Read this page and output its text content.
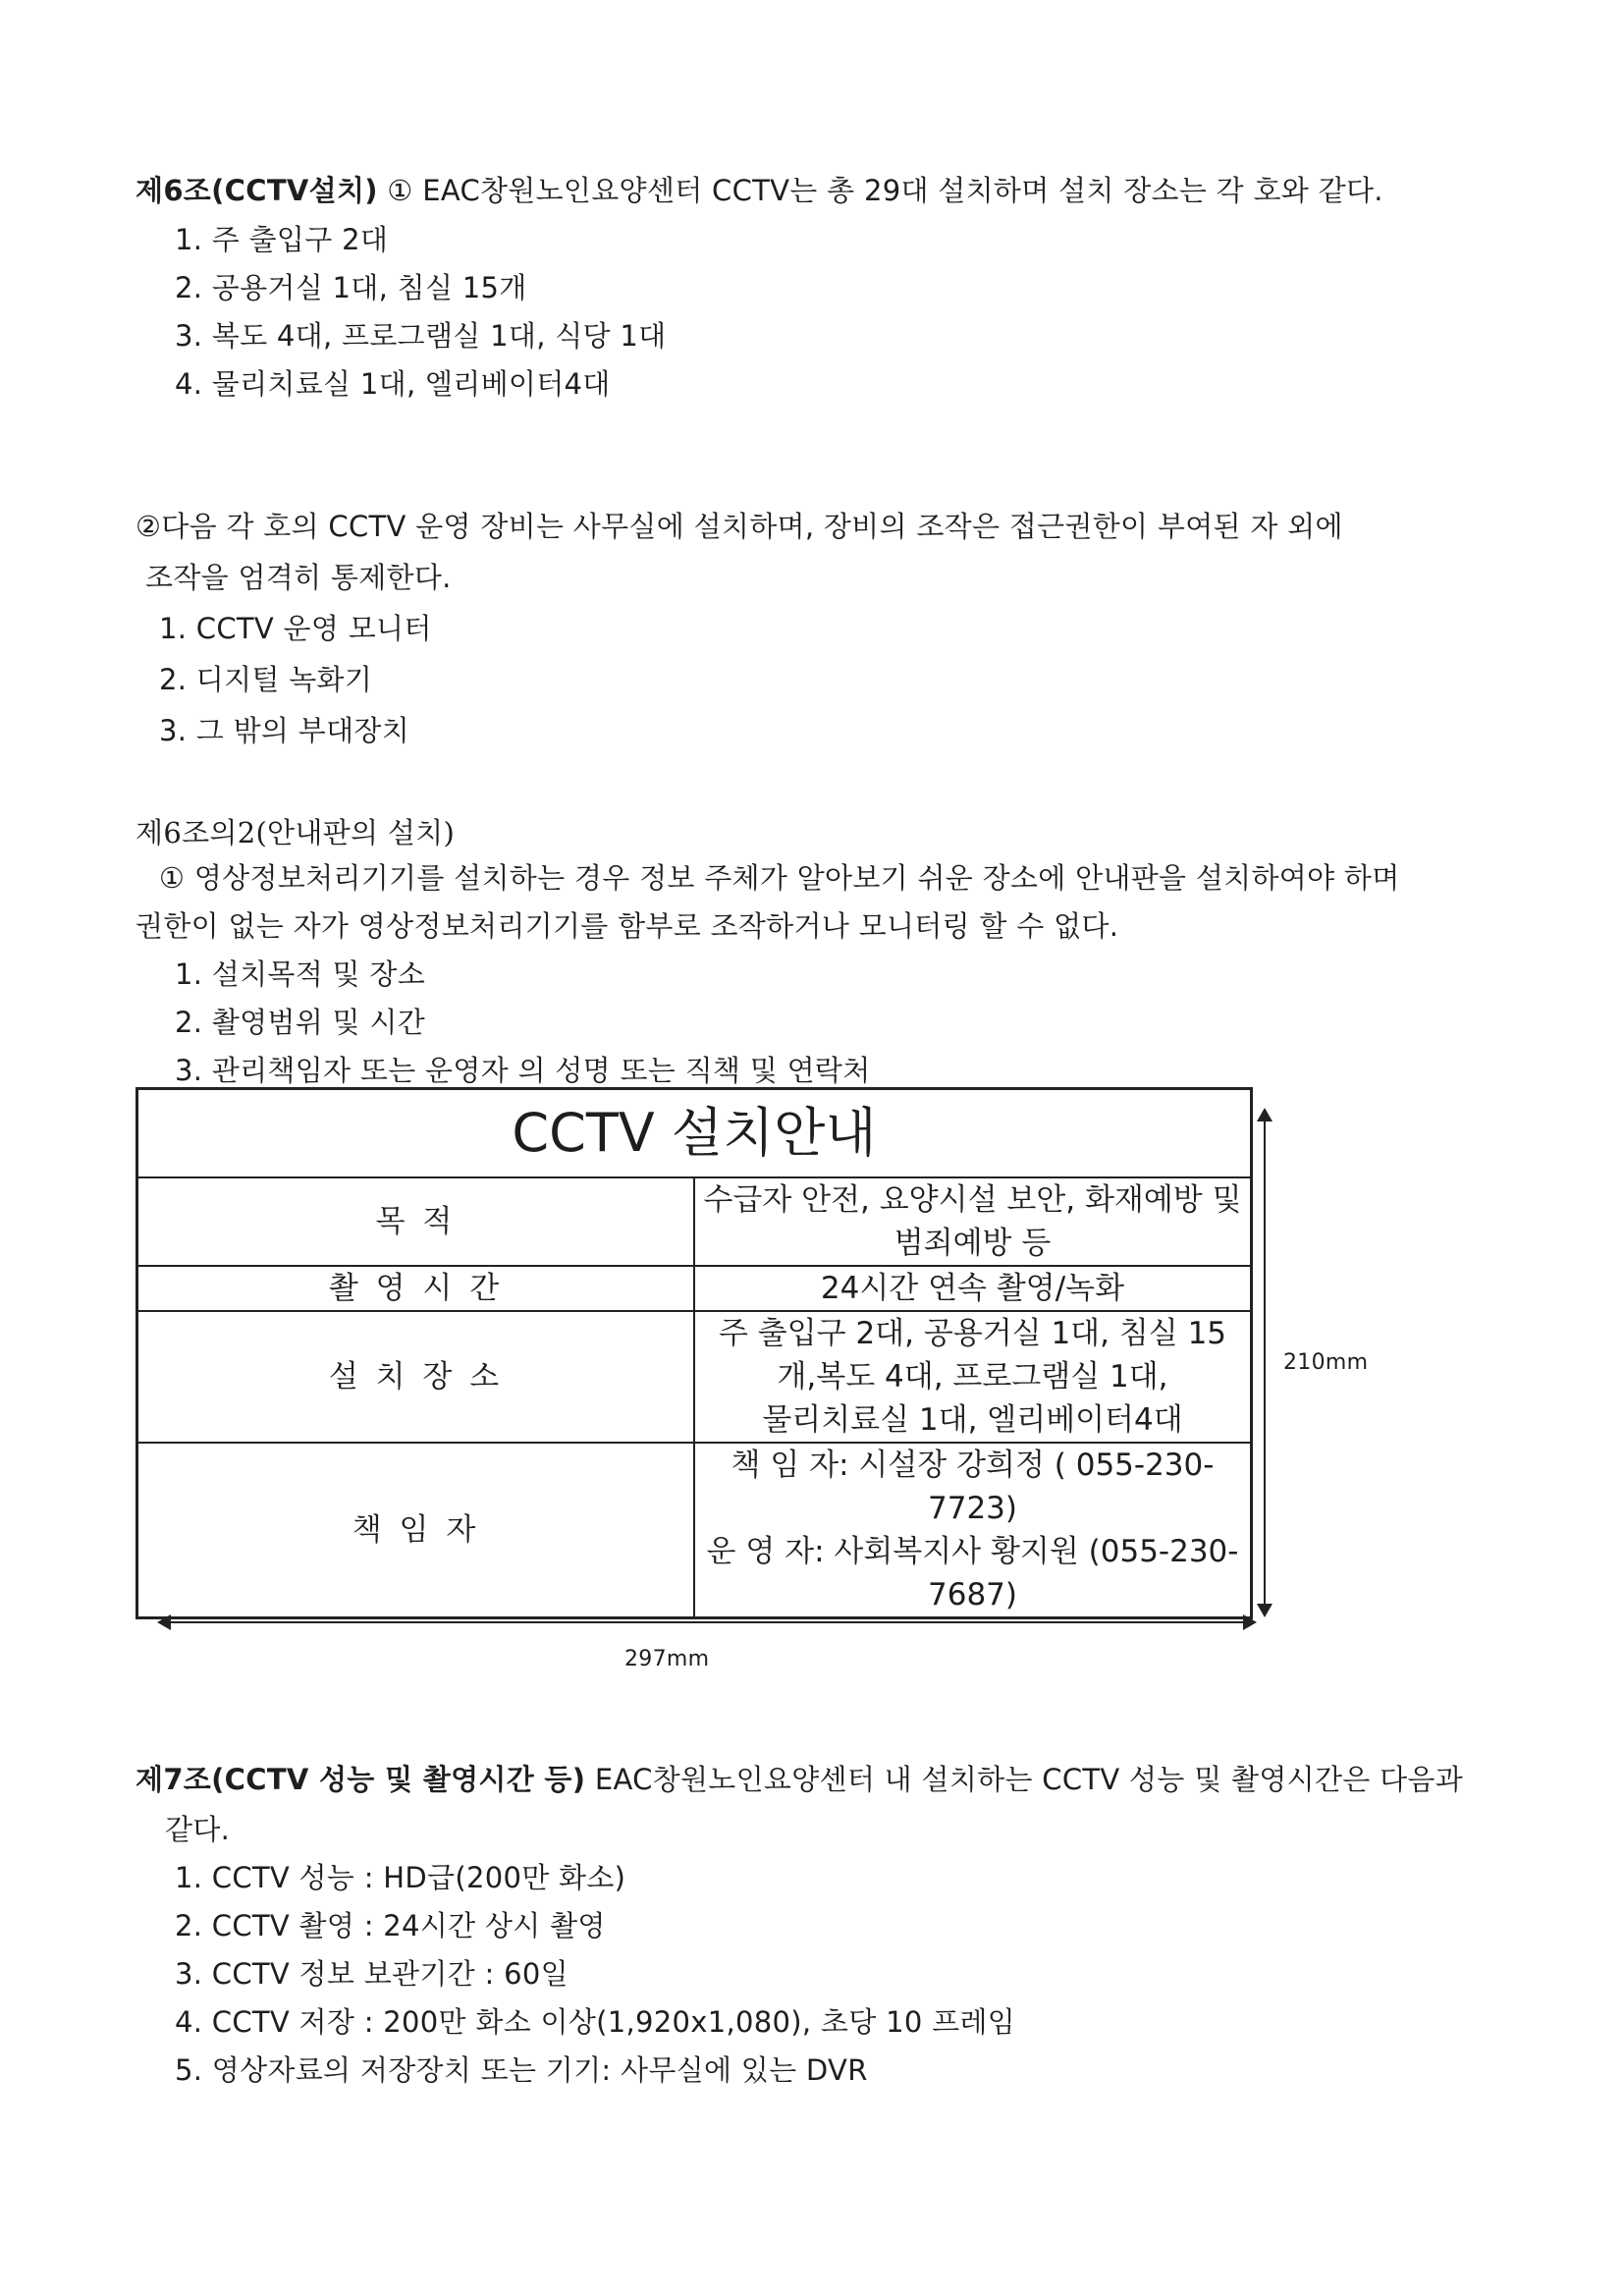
제6조(CCTV설치) ① EAC창원노인요양센터 CCTV는 총 29대 설치하며 설치 장소는 각 호와 같다.
1. 주 출입구 2대
2. 공용거실 1대, 침실 15개
3. 복도 4대, 프로그램실 1대, 식당 1대
4. 물리치료실 1대, 엘리베이터4대
②다음 각 호의 CCTV 운영 장비는 사무실에 설치하며, 장비의 조작은 접근권한이 부여된 자 외에
조작을 엄격히 통제한다.
1. CCTV 운영 모니터
2. 디지털 녹화기
3. 그 밖의 부대장치
제6조의2(안내판의 설치)
① 영상정보처리기기를 설치하는 경우 정보 주체가 알아보기 쉬운 장소에 안내판을 설치하여야 하며
권한이 없는 자가 영상정보처리기기를 함부로 조작하거나 모니터링 할 수 없다.
1. 설치목적 및 장소
2. 촬영범위 및 시간
3. 관리책임자 또는 운영자 의 성명 또는 직책 및 연락처
CCTV 설치안내	
목 적	수급자 안전, 요양시설 보안, 화재예방 및 범죄예방 등
촬 영 시 간	24시간 연속 촬영/녹화
설 치 장 소	주 출입구 2대, 공용거실 1대, 침실 15개,복도 4대, 프로그램실 1대,
물리치료실 1대, 엘리베이터4대

책 임 자	책 임 자: 시설장 강희정 ( 055-230-7723)
운 영 자: 사회복지사 황지원 (055-230-7687)
210mm
297mm
제7조(CCTV 성능 및 촬영시간 등) EAC창원노인요양센터 내 설치하는 CCTV 성능 및 촬영시간은 다음과
같다.
1. CCTV 성능 : HD급(200만 화소)
2. CCTV 촬영 : 24시간 상시 촬영
3. CCTV 정보 보관기간 : 60일
4. CCTV 저장 : 200만 화소 이상(1,920x1,080), 초당 10 프레임
5. 영상자료의 저장장치 또는 기기: 사무실에 있는 DVR
